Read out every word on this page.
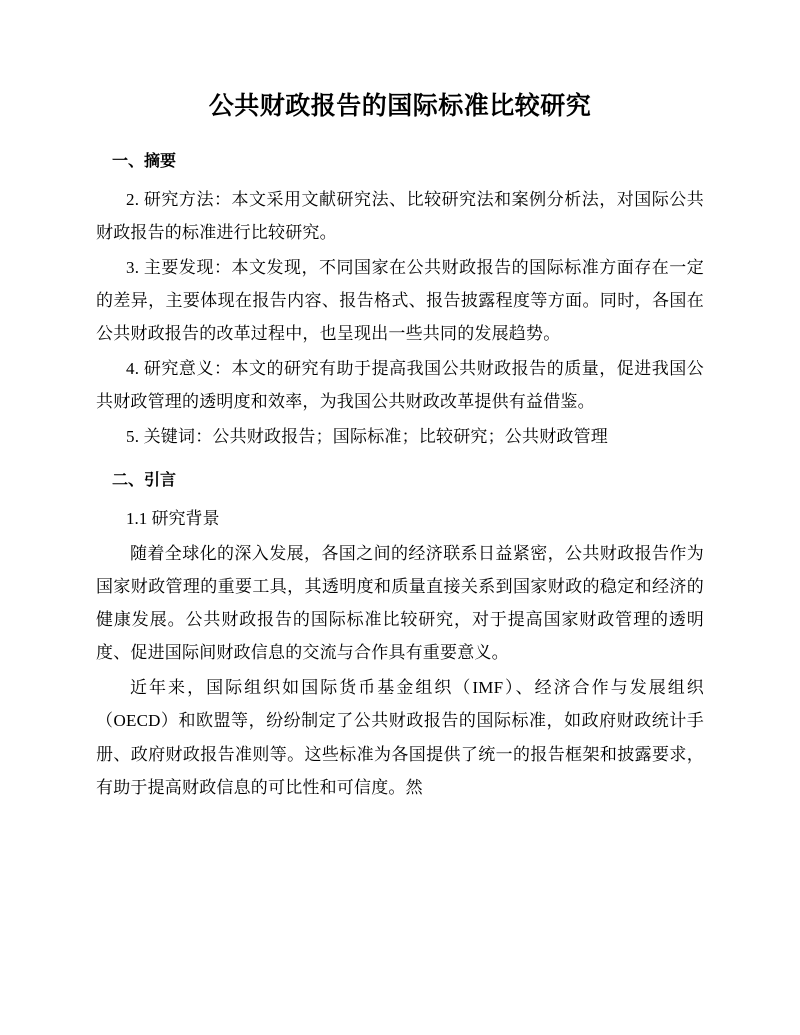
公共财政报告的国际标准比较研究
一、摘要

2. 研究方法：本文采用文献研究法、比较研究法和案例分析法，对国际公共财政报告的标准进行比较研究。

3. 主要发现：本文发现，不同国家在公共财政报告的国际标准方面存在一定的差异，主要体现在报告内容、报告格式、报告披露程度等方面。同时，各国在公共财政报告的改革过程中，也呈现出一些共同的发展趋势。

4. 研究意义：本文的研究有助于提高我国公共财政报告的质量，促进我国公共财政管理的透明度和效率，为我国公共财政改革提供有益借鉴。

5. 关键词：公共财政报告；国际标准；比较研究；公共财政管理

二、引言
1.1 研究背景

随着全球化的深入发展，各国之间的经济联系日益紧密，公共财政报告作为国家财政管理的重要工具，其透明度和质量直接关系到国家财政的稳定和经济的健康发展。公共财政报告的国际标准比较研究，对于提高国家财政管理的透明度、促进国际间财政信息的交流与合作具有重要意义。

近年来，国际组织如国际货币基金组织（IMF）、经济合作与发展组织（OECD）和欧盟等，纷纷制定了公共财政报告的国际标准，如政府财政统计手册、政府财政报告准则等。这些标准为各国提供了统一的报告框架和披露要求，有助于提高财政信息的可比性和可信度。然
